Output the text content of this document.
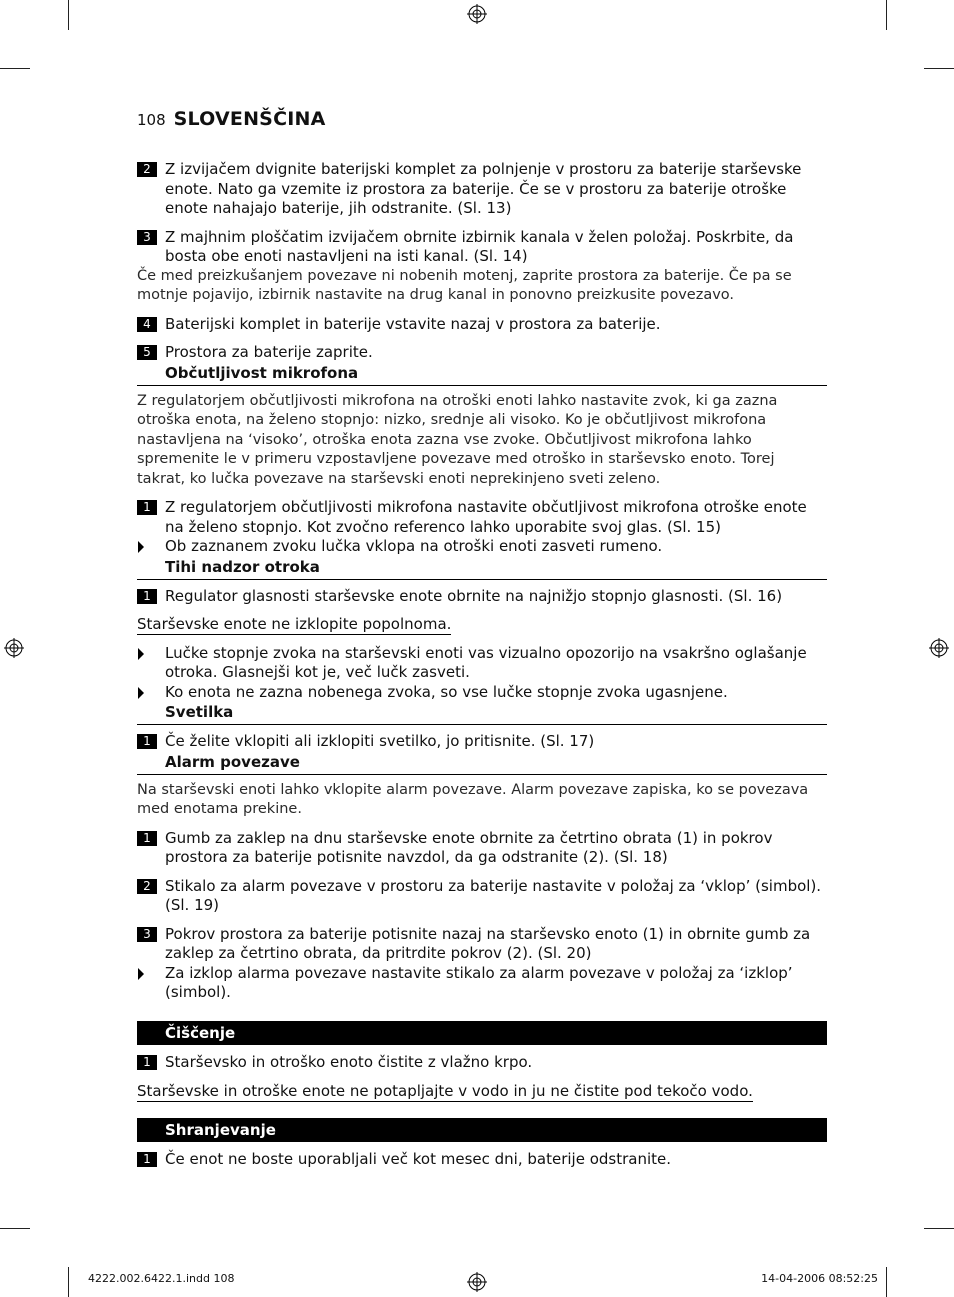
108 SLOVENŠČINA
2 Z izvijačem dvignite baterijski komplet za polnjenje v prostoru za baterije starševske enote. Nato ga vzemite iz prostora za baterije. Če se v prostoru za baterije otroške enote nahajajo baterije, jih odstranite. (Sl. 13)
3 Z majhnim ploščatim izvijačem obrnite izbirnik kanala v želen položaj. Poskrbite, da bosta obe enoti nastavljeni na isti kanal. (Sl. 14)
Če med preizkušanjem povezave ni nobenih motenj, zaprite prostora za baterije. Če pa se motnje pojavijo, izbirnik nastavite na drug kanal in ponovno preizkusite povezavo.
4 Baterijski komplet in baterije vstavite nazaj v prostora za baterije.
5 Prostora za baterije zaprite.
Občutljivost mikrofona
Z regulatorjem občutljivosti mikrofona na otroški enoti lahko nastavite zvok, ki ga zazna otroška enota, na želeno stopnjo: nizko, srednje ali visoko. Ko je občutljivost mikrofona nastavljena na ‘visoko’, otroška enota zazna vse zvoke. Občutljivost mikrofona lahko spremenite le v primeru vzpostavljene povezave med otroško in starševsko enoto. Torej takrat, ko lučka povezave na starševski enoti neprekinjeno sveti zeleno.
1 Z regulatorjem občutljivosti mikrofona nastavite občutljivost mikrofona otroške enote na želeno stopnjo. Kot zvočno referenco lahko uporabite svoj glas. (Sl. 15)
Ob zaznanem zvoku lučka vklopa na otroški enoti zasveti rumeno.
Tihi nadzor otroka
1 Regulator glasnosti starševske enote obrnite na najnižjo stopnjo glasnosti. (Sl. 16)
Starševske enote ne izklopite popolnoma.
Lučke stopnje zvoka na starševski enoti vas vizualno opozorijo na vsakršno oglašanje otroka. Glasnejši kot je, več lučk zasveti.
Ko enota ne zazna nobenega zvoka, so vse lučke stopnje zvoka ugasnjene.
Svetilka
1 Če želite vklopiti ali izklopiti svetilko, jo pritisnite. (Sl. 17)
Alarm povezave
Na starševski enoti lahko vklopite alarm povezave. Alarm povezave zapiska, ko se povezava med enotama prekine.
1 Gumb za zaklep na dnu starševske enote obrnite za četrtino obrata (1) in pokrov prostora za baterije potisnite navzdol, da ga odstranite (2). (Sl. 18)
2 Stikalo za alarm povezave v prostoru za baterije nastavite v položaj za ‘vklop’ (simbol). (Sl. 19)
3 Pokrov prostora za baterije potisnite nazaj na starševsko enoto (1) in obrnite gumb za zaklep za četrtino obrata, da pritrdite pokrov (2). (Sl. 20)
Za izklop alarma povezave nastavite stikalo za alarm povezave v položaj za ‘izklop’ (simbol).
Čiščenje
1 Starševsko in otroško enoto čistite z vlažno krpo.
Starševske in otroške enote ne potapljajte v vodo in ju ne čistite pod tekočo vodo.
Shranjevanje
1 Če enot ne boste uporabljali več kot mesec dni, baterije odstranite.
4222.002.6422.1.indd 108	14-04-2006 08:52:25
